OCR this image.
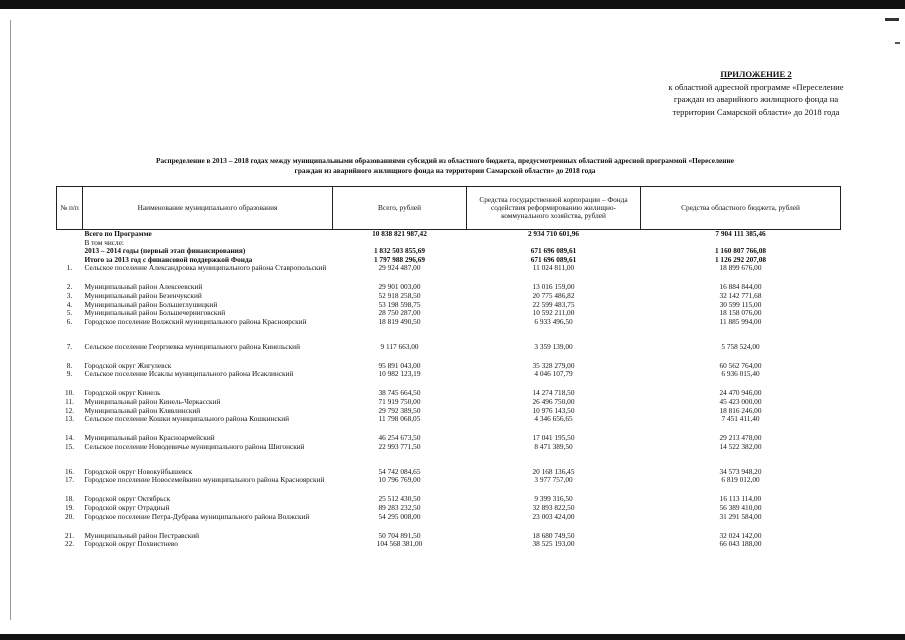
ПРИЛОЖЕНИЕ 2
к областной адресной программе «Переселение
граждан из аварийного жилищного фонда на
территории Самарской области» до 2018 года
Распределение в 2013 – 2018 годах между муниципальными образованиями субсидий из областного бюджета, предусмотренных областной адресной программой «Переселение
граждан из аварийного жилищного фонда на территории Самарской области» до 2018 года
№ п/п	Наименование муниципального образования	Всего, рублей	Средства государственной корпорации – Фонда содействия реформированию жилищно-коммунального хозяйства, рублей	Средства областного бюджета, рублей
	Всего по Программе	10 838 821 987,42	2 934 710 601,96	7 904 111 385,46
	В том числе:			
	2013 – 2014 годы (первый этап финансирования)	1 832 503 855,69	671 696 089,61	1 160 807 766,08
	Итого за 2013 год с финансовой поддержкой Фонда	1 797 988 296,69	671 696 089,61	1 126 292 207,08
1.	Сельское поселение Александровка муниципального района Ставропольский	29 924 487,00	11 024 811,00	18 899 676,00
2.	Муниципальный район Алексеевский	29 901 003,00	13 016 159,00	16 884 844,00
3.	Муниципальный район Безенчукский	52 918 258,50	20 775 486,82	32 142 771,68
4.	Муниципальный район Большеглушицкий	53 198 598,75	22 599 483,75	30 599 115,00
5.	Муниципальный район Большечерниговский	28 750 287,00	10 592 211,00	18 158 076,00
6.	Городское поселение Волжский муниципального района Красноярский	18 819 490,50	6 933 496,50	11 885 994,00
7.	Сельское поселение Георгиевка муниципального района Кинельский	9 117 663,00	3 359 139,00	5 758 524,00
8.	Городской округ Жигулевск	95 891 043,00	35 328 279,00	60 562 764,00
9.	Сельское поселение Исаклы муниципального района Исаклинский	10 982 123,19	4 046 107,79	6 936 015,40
10.	Городской округ Кинель	38 745 664,50	14 274 718,50	24 470 946,00
11.	Муниципальный район Кинель-Черкасский	71 919 750,00	26 496 750,00	45 423 000,00
12.	Муниципальный район Клявлинский	29 792 389,50	10 976 143,50	18 816 246,00
13.	Сельское поселение Кошки муниципального района Кошкинский	11 798 068,05	4 346 656,65	7 451 411,40
14.	Муниципальный район Красноармейский	46 254 673,50	17 041 195,50	29 213 478,00
15.	Сельское поселение Новодевичье муниципального района Шигонский	22 993 771,50	8 471 389,50	14 522 382,00
16.	Городской округ Новокуйбышевск	54 742 084,65	20 168 136,45	34 573 948,20
17.	Городское поселение Новосемейкино муниципального района Красноярский	10 796 769,00	3 977 757,00	6 819 012,00
18.	Городской округ Октябрьск	25 512 430,50	9 399 316,50	16 113 114,00
19.	Городской округ Отрадный	89 283 232,50	32 893 822,50	56 389 410,00
20.	Городское поселение Петра-Дубрава муниципального района Волжский	54 295 008,00	23 003 424,00	31 291 584,00
21.	Муниципальный район Пестравский	50 704 891,50	18 680 749,50	32 024 142,00
22.	Городской округ Похвистнево	104 568 381,00	38 525 193,00	66 043 188,00
